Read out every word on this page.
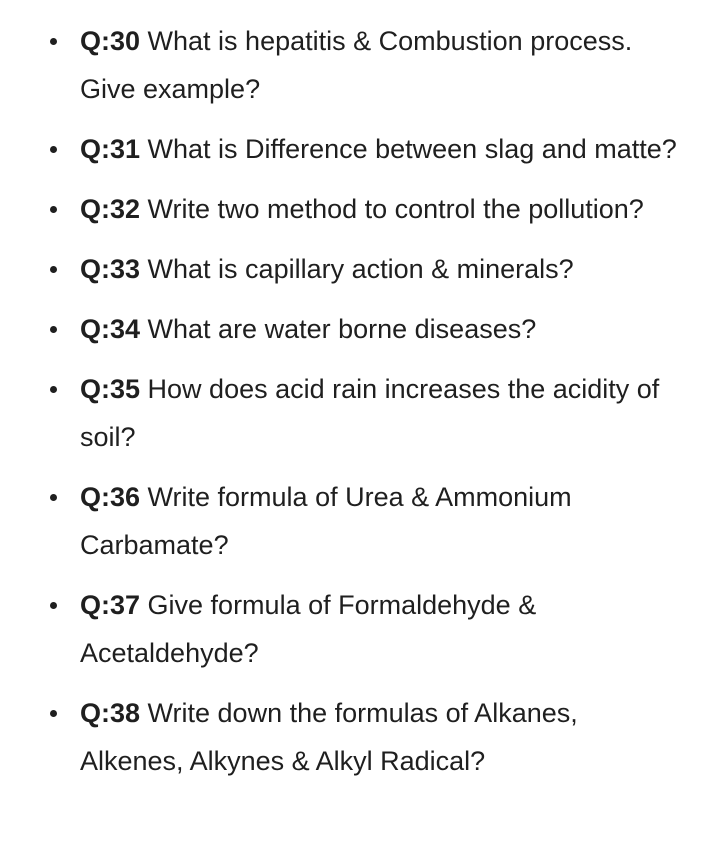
Q:30 What is hepatitis & Combustion process. Give example?
Q:31 What is Difference between slag and matte?
Q:32 Write two method to control the pollution?
Q:33 What is capillary action & minerals?
Q:34 What are water borne diseases?
Q:35 How does acid rain increases the acidity of soil?
Q:36 Write formula of Urea & Ammonium Carbamate?
Q:37 Give formula of Formaldehyde & Acetaldehyde?
Q:38 Write down the formulas of Alkanes, Alkenes, Alkynes & Alkyl Radical?
